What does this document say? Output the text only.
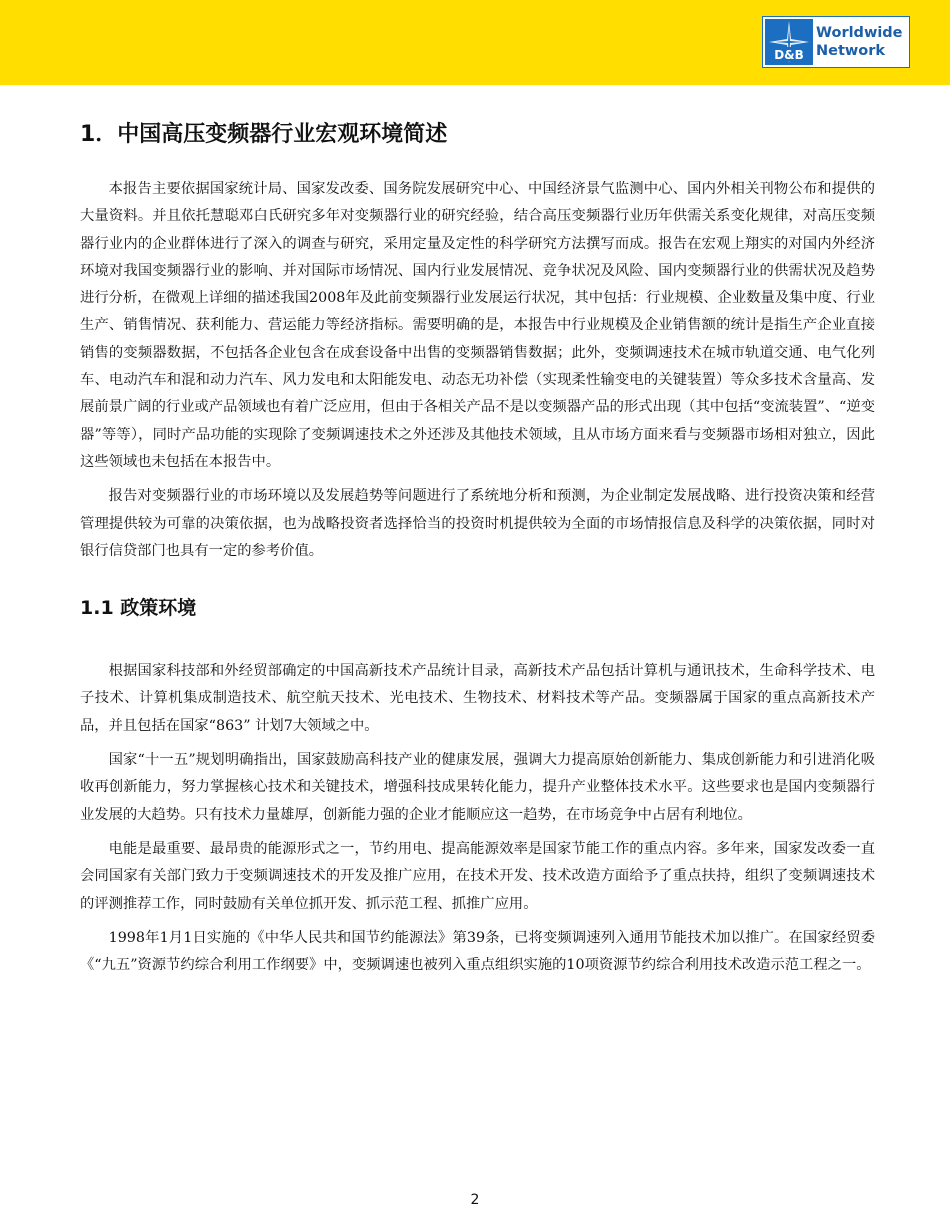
D&B
Worldwide
Network
1．中国高压变频器行业宏观环境简述

本报告主要依据国家统计局、国家发改委、国务院发展研究中心、中国经济景气监测中心、国内外相关刊物公布和提供的大量资料。并且依托慧聪邓白氏研究多年对变频器行业的研究经验，结合高压变频器行业历年供需关系变化规律，对高压变频器行业内的企业群体进行了深入的调查与研究，采用定量及定性的科学研究方法撰写而成。报告在宏观上翔实的对国内外经济环境对我国变频器行业的影响、并对国际市场情况、国内行业发展情况、竞争状况及风险、国内变频器行业的供需状况及趋势进行分析，在微观上详细的描述我国2008年及此前变频器行业发展运行状况，其中包括：行业规模、企业数量及集中度、行业生产、销售情况、获利能力、营运能力等经济指标。需要明确的是，本报告中行业规模及企业销售额的统计是指生产企业直接销售的变频器数据，不包括各企业包含在成套设备中出售的变频器销售数据；此外，变频调速技术在城市轨道交通、电气化列车、电动汽车和混和动力汽车、风力发电和太阳能发电、动态无功补偿（实现柔性输变电的关键装置）等众多技术含量高、发展前景广阔的行业或产品领域也有着广泛应用，但由于各相关产品不是以变频器产品的形式出现（其中包括“变流装置”、“逆变器”等等），同时产品功能的实现除了变频调速技术之外还涉及其他技术领域，且从市场方面来看与变频器市场相对独立，因此这些领域也未包括在本报告中。

报告对变频器行业的市场环境以及发展趋势等问题进行了系统地分析和预测，为企业制定发展战略、进行投资决策和经营管理提供较为可靠的决策依据，也为战略投资者选择恰当的投资时机提供较为全面的市场情报信息及科学的决策依据，同时对银行信贷部门也具有一定的参考价值。

1.1 政策环境

根据国家科技部和外经贸部确定的中国高新技术产品统计目录，高新技术产品包括计算机与通讯技术，生命科学技术、电子技术、计算机集成制造技术、航空航天技术、光电技术、生物技术、材料技术等产品。变频器属于国家的重点高新技术产品，并且包括在国家“863” 计划7大领域之中。

国家“十一五”规划明确指出，国家鼓励高科技产业的健康发展，强调大力提高原始创新能力、集成创新能力和引进消化吸收再创新能力，努力掌握核心技术和关键技术，增强科技成果转化能力，提升产业整体技术水平。这些要求也是国内变频器行业发展的大趋势。只有技术力量雄厚，创新能力强的企业才能顺应这一趋势，在市场竞争中占居有利地位。

电能是最重要、最昂贵的能源形式之一，节约用电、提高能源效率是国家节能工作的重点内容。多年来，国家发改委一直会同国家有关部门致力于变频调速技术的开发及推广应用，在技术开发、技术改造方面给予了重点扶持，组织了变频调速技术的评测推荐工作，同时鼓励有关单位抓开发、抓示范工程、抓推广应用。

1998年1月1日实施的《中华人民共和国节约能源法》第39条，已将变频调速列入通用节能技术加以推广。在国家经贸委《“九五”资源节约综合利用工作纲要》中，变频调速也被列入重点组织实施的10项资源节约综合利用技术改造示范工程之一。

2
